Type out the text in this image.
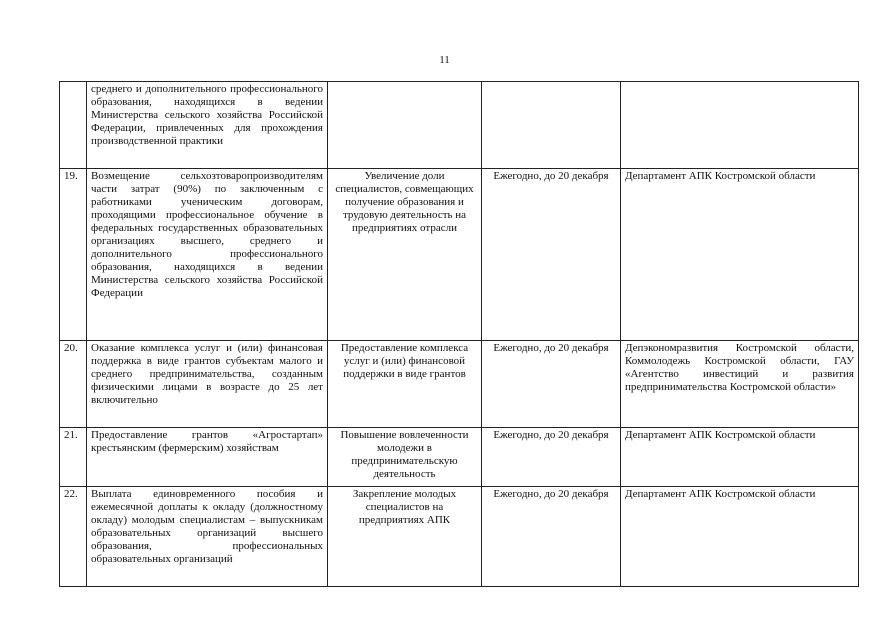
11
	среднего и дополнительного профессионального образования, находящихся в ведении Министерства сельского хозяйства Российской Федерации, привлеченных для прохождения производственной практики			
19.	Возмещение сельхозтоваропроизводителям части затрат (90%) по заключенным с работниками ученическим договорам, проходящими профессиональное обучение в федеральных государственных образовательных организациях высшего, среднего и дополнительного профессионального образования, находящихся в ведении Министерства сельского хозяйства Российской Федерации	Увеличение доли специалистов, совмещающих получение образования и трудовую деятельность на предприятиях отрасли	Ежегодно, до 20 декабря	Департамент АПК Костромской области
20.	Оказание комплекса услуг и (или) финансовая поддержка в виде грантов субъектам малого и среднего предпринимательства, созданным физическими лицами в возрасте до 25 лет включительно	Предоставление комплекса услуг и (или) финансовой поддержки в виде грантов	Ежегодно, до 20 декабря	Депэкономразвития Костромской области, Коммолодежь Костромской области, ГАУ «Агентство инвестиций и развития предпринимательства Костромской области»
21.	Предоставление грантов «Агростартап» крестьянским (фермерским) хозяйствам	Повышение вовлеченности молодежи в предпринимательскую деятельность	Ежегодно, до 20 декабря	Департамент АПК Костромской области
22.	Выплата единовременного пособия и ежемесячной доплаты к окладу (должностному окладу) молодым специалистам – выпускникам образовательных организаций высшего образования, профессиональных образовательных организаций	Закрепление молодых специалистов на предприятиях АПК	Ежегодно, до 20 декабря	Департамент АПК Костромской области
